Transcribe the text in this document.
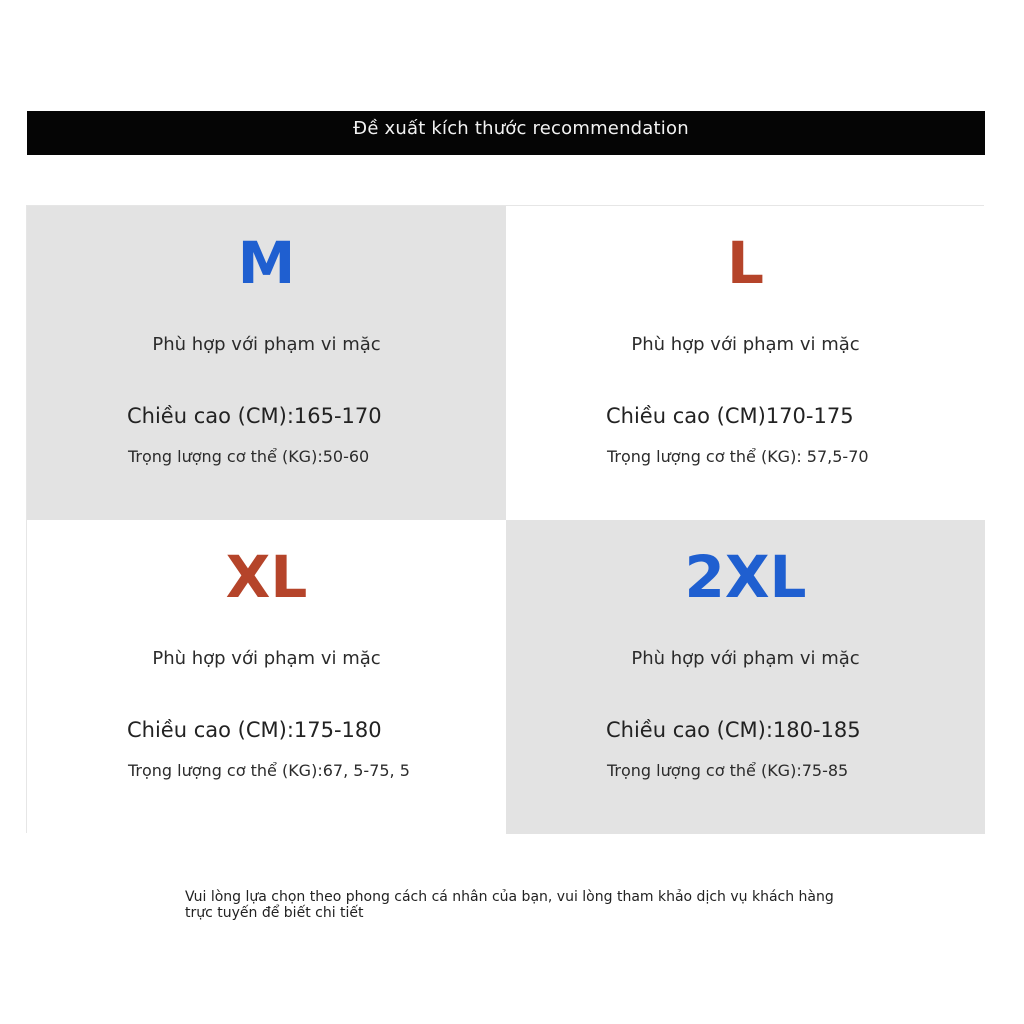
Đề xuất kích thước recommendation
M
Phù hợp với phạm vi mặc
Chiều cao (CM):165-170
Trọng lượng cơ thể (KG):50-60
L
Phù hợp với phạm vi mặc
Chiều cao (CM)170-175
Trọng lượng cơ thể (KG): 57,5-70
XL
Phù hợp với phạm vi mặc
Chiều cao (CM):175-180
Trọng lượng cơ thể (KG):67, 5-75, 5
2XL
Phù hợp với phạm vi mặc
Chiều cao (CM):180-185
Trọng lượng cơ thể (KG):75-85
Vui lòng lựa chọn theo phong cách cá nhân của bạn, vui lòng tham khảo dịch vụ khách hàng trực tuyến để biết chi tiết
